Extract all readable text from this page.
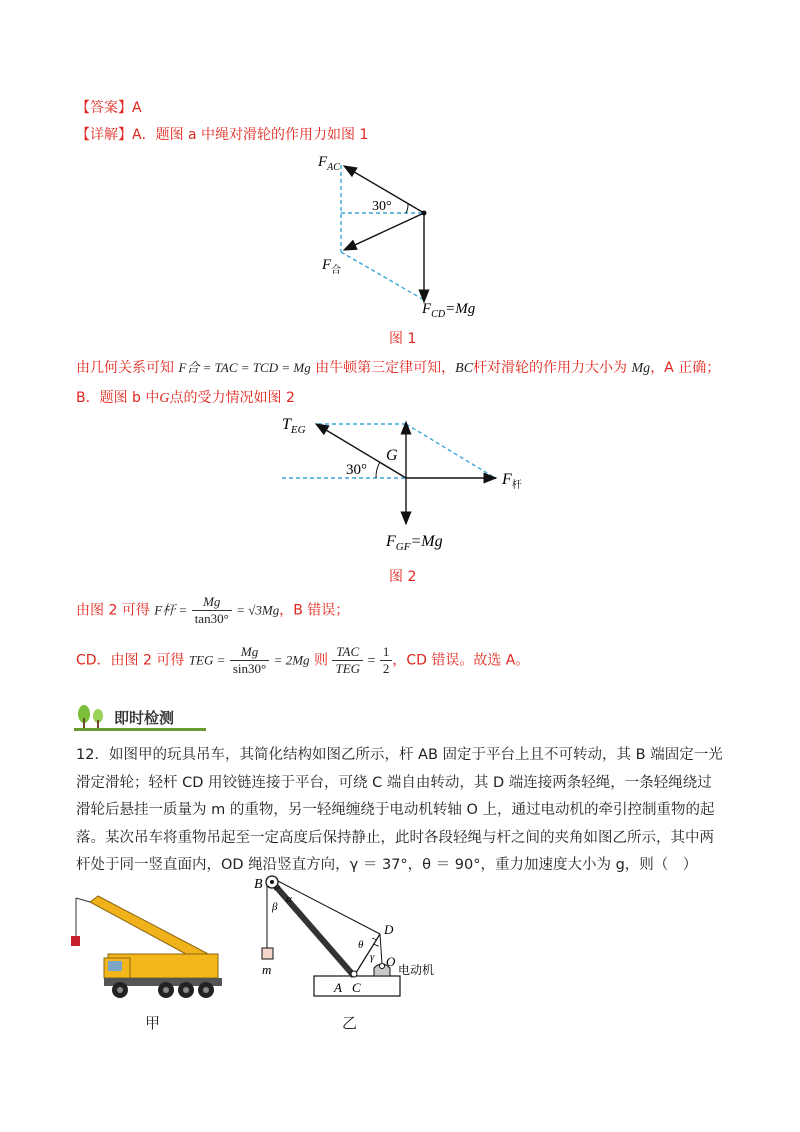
【答案】A
【详解】A．题图 a 中绳对滑轮的作用力如图 1
$F_{AC}$
30°
$F_合$
$F_{CD}=Mg$
图 1
由几何关系可知 F合 = TAC = TCD = Mg 由牛顿第三定律可知，BC杆对滑轮的作用力大小为 Mg，A 正确；
B．题图 b 中G点的受力情况如图 2
$T_{EG}$
G
30°
$F_杆$
$F_{GF}=Mg$
图 2
由图 2 可得 F杆 = $\frac{Mg}{\tan 30^\circ} = √3Mg$，B 错误；
CD．由图 2 可得 TEG = $\frac{Mg}{\sin 30^\circ} = 2Mg$ 则 $\frac{\text{TAC}}{\text{TEG}} = \frac{1}{2}$ ，CD 错误。故选 A。
即时检测
12．如图甲的玩具吊车，其简化结构如图乙所示，杆 AB 固定于平台上且不可转动，其 B 端固定一光滑定滑轮；轻杆 CD 用铰链连接于平台，可绕 C 端自由转动，其 D 端连接两条轻绳，一条轻绳绕过滑轮后悬挂一质量为 m 的重物，另一轻绳缠绕于电动机转轴 O 上，通过电动机的牵引控制重物的起落。某次吊车将重物吊起至一定高度后保持静止，此时各段轻绳与杆之间的夹角如图乙所示，其中两杆处于同一竖直面内，OD 绳沿竖直方向，γ ＝ 37°，θ ＝ 90°，重力加速度大小为 g，则（　）
甲
B
α
β
D
θ
γ O
电动机
m
A C
乙
